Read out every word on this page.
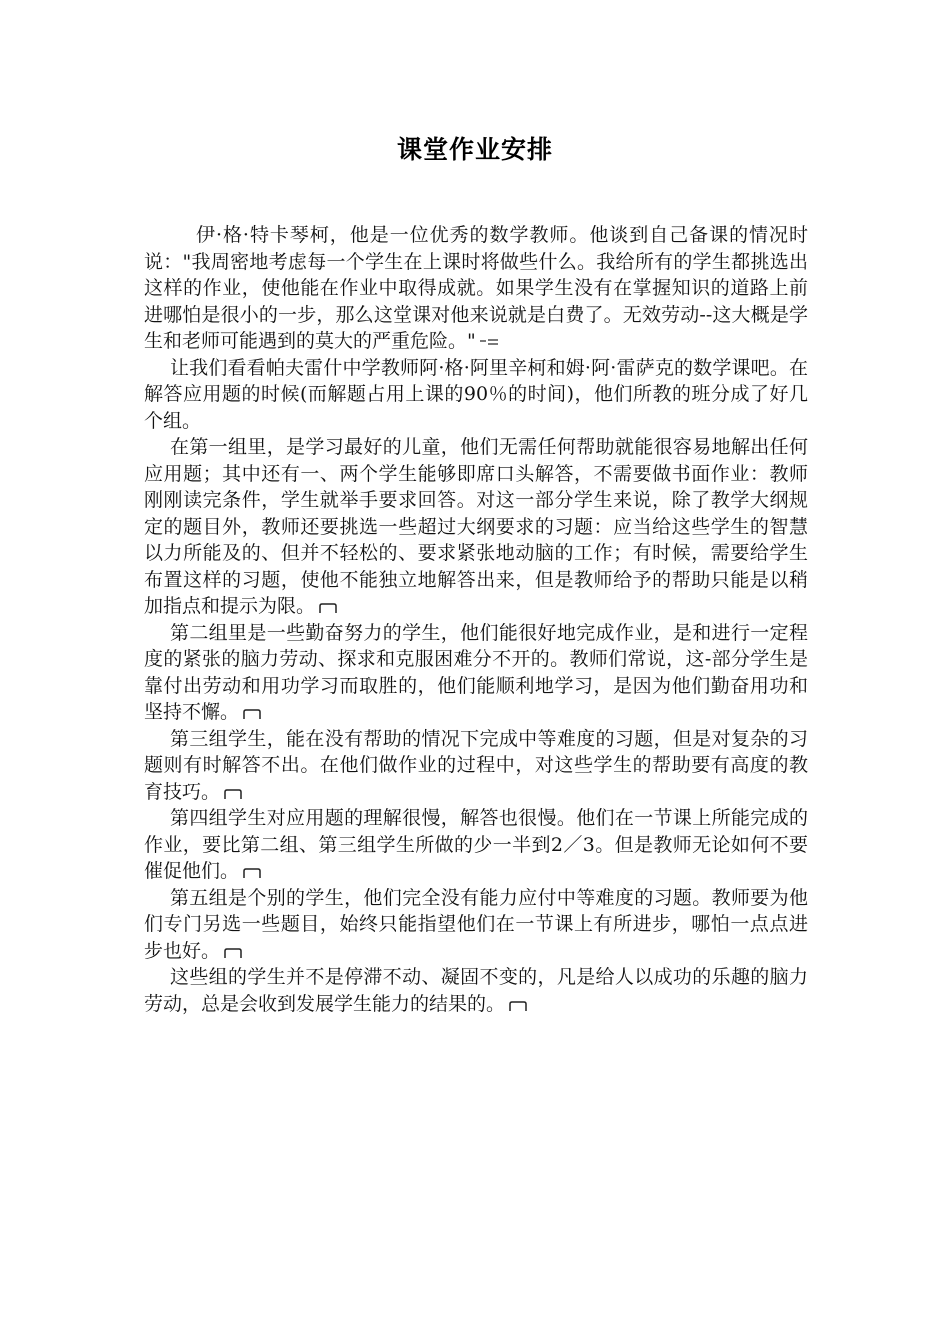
课堂作业安排

伊·格·特卡琴柯，他是一位优秀的数学教师。他谈到自己备课的情况时说："我周密地考虑每一个学生在上课时将做些什么。我给所有的学生都挑选出这样的作业，使他能在作业中取得成就。如果学生没有在掌握知识的道路上前进哪怕是很小的一步，那么这堂课对他来说就是白费了。无效劳动--这大概是学生和老师可能遇到的莫大的严重危险。"

让我们看看帕夫雷什中学教师阿·格·阿里辛柯和姆·阿·雷萨克的数学课吧。在解答应用题的时候(而解题占用上课的90％的时间)，他们所教的班分成了好几个组。

在第一组里，是学习最好的儿童，他们无需任何帮助就能很容易地解出任何应用题；其中还有一、两个学生能够即席口头解答，不需要做书面作业：教师刚刚读完条件，学生就举手要求回答。对这一部分学生来说，除了教学大纲规定的题目外，教师还要挑选一些超过大纲要求的习题：应当给这些学生的智慧以力所能及的、但并不轻松的、要求紧张地动脑的工作；有时候，需要给学生布置这样的习题，使他不能独立地解答出来，但是教师给予的帮助只能是以稍加指点和提示为限。

第二组里是一些勤奋努力的学生，他们能很好地完成作业，是和进行一定程度的紧张的脑力劳动、探求和克服困难分不开的。教师们常说，这-部分学生是靠付出劳动和用功学习而取胜的，他们能顺利地学习，是因为他们勤奋用功和坚持不懈。

第三组学生，能在没有帮助的情况下完成中等难度的习题，但是对复杂的习题则有时解答不出。在他们做作业的过程中，对这些学生的帮助要有高度的教育技巧。

第四组学生对应用题的理解很慢，解答也很慢。他们在一节课上所能完成的作业，要比第二组、第三组学生所做的少一半到2／3。但是教师无论如何不要催促他们。

第五组是个别的学生，他们完全没有能力应付中等难度的习题。教师要为他们专门另选一些题目，始终只能指望他们在一节课上有所进步，哪怕一点点进步也好。

这些组的学生并不是停滞不动、凝固不变的，凡是给人以成功的乐趣的脑力劳动，总是会收到发展学生能力的结果的。
